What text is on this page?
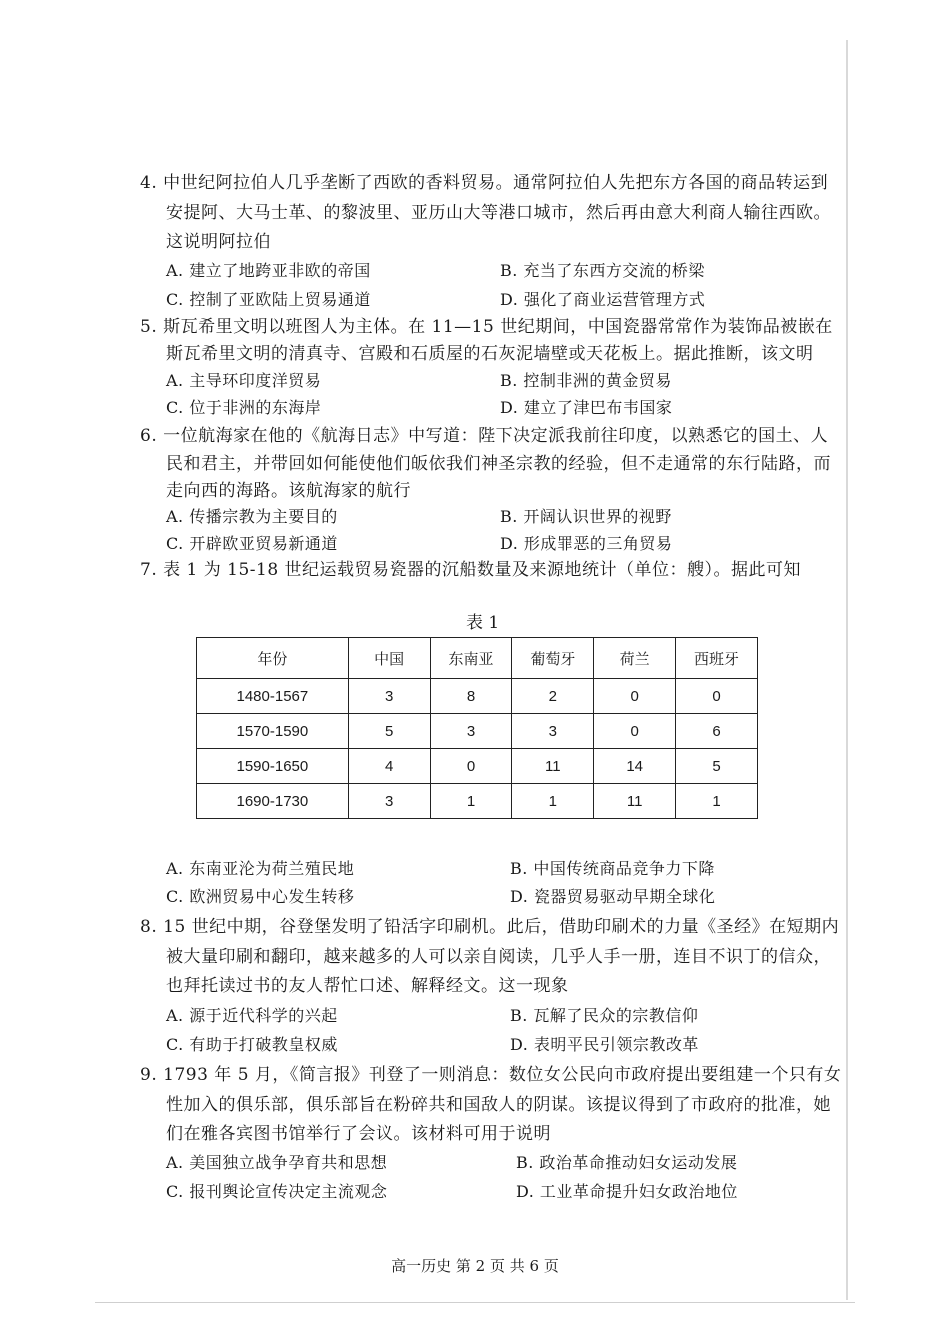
4. 中世纪阿拉伯人几乎垄断了西欧的香料贸易。通常阿拉伯人先把东方各国的商品转运到
安提阿、大马士革、的黎波里、亚历山大等港口城市，然后再由意大利商人输往西欧。
这说明阿拉伯
A. 建立了地跨亚非欧的帝国	B. 充当了东西方交流的桥梁
C. 控制了亚欧陆上贸易通道	D. 强化了商业运营管理方式
5. 斯瓦希里文明以班图人为主体。在 11—15 世纪期间，中国瓷器常常作为装饰品被嵌在
斯瓦希里文明的清真寺、宫殿和石质屋的石灰泥墙壁或天花板上。据此推断，该文明
A. 主导环印度洋贸易	B. 控制非洲的黄金贸易
C. 位于非洲的东海岸	D. 建立了津巴布韦国家
6. 一位航海家在他的《航海日志》中写道：陛下决定派我前往印度，以熟悉它的国土、人
民和君主，并带回如何能使他们皈依我们神圣宗教的经验，但不走通常的东行陆路，而
走向西的海路。该航海家的航行
A. 传播宗教为主要目的	B. 开阔认识世界的视野
C. 开辟欧亚贸易新通道	D. 形成罪恶的三角贸易
7. 表 1 为 15-18 世纪运载贸易瓷器的沉船数量及来源地统计（单位：艘）。据此可知
表 1
年份	中国	东南亚	葡萄牙	荷兰	西班牙
1480-1567	3	8	2	0	0
1570-1590	5	3	3	0	6
1590-1650	4	0	11	14	5
1690-1730	3	1	1	11	1
A. 东南亚沦为荷兰殖民地	B. 中国传统商品竞争力下降
C. 欧洲贸易中心发生转移	D. 瓷器贸易驱动早期全球化
8. 15 世纪中期，谷登堡发明了铅活字印刷机。此后，借助印刷术的力量《圣经》在短期内
被大量印刷和翻印，越来越多的人可以亲自阅读，几乎人手一册，连目不识丁的信众，
也拜托读过书的友人帮忙口述、解释经文。这一现象
A. 源于近代科学的兴起	B. 瓦解了民众的宗教信仰
C. 有助于打破教皇权威	D. 表明平民引领宗教改革
9. 1793 年 5 月，《简言报》刊登了一则消息：数位女公民向市政府提出要组建一个只有女
性加入的俱乐部，俱乐部旨在粉碎共和国敌人的阴谋。该提议得到了市政府的批准，她
们在雅各宾图书馆举行了会议。该材料可用于说明
A. 美国独立战争孕育共和思想	B. 政治革命推动妇女运动发展
C. 报刊舆论宣传决定主流观念	D. 工业革命提升妇女政治地位
高一历史 第 2 页 共 6 页
